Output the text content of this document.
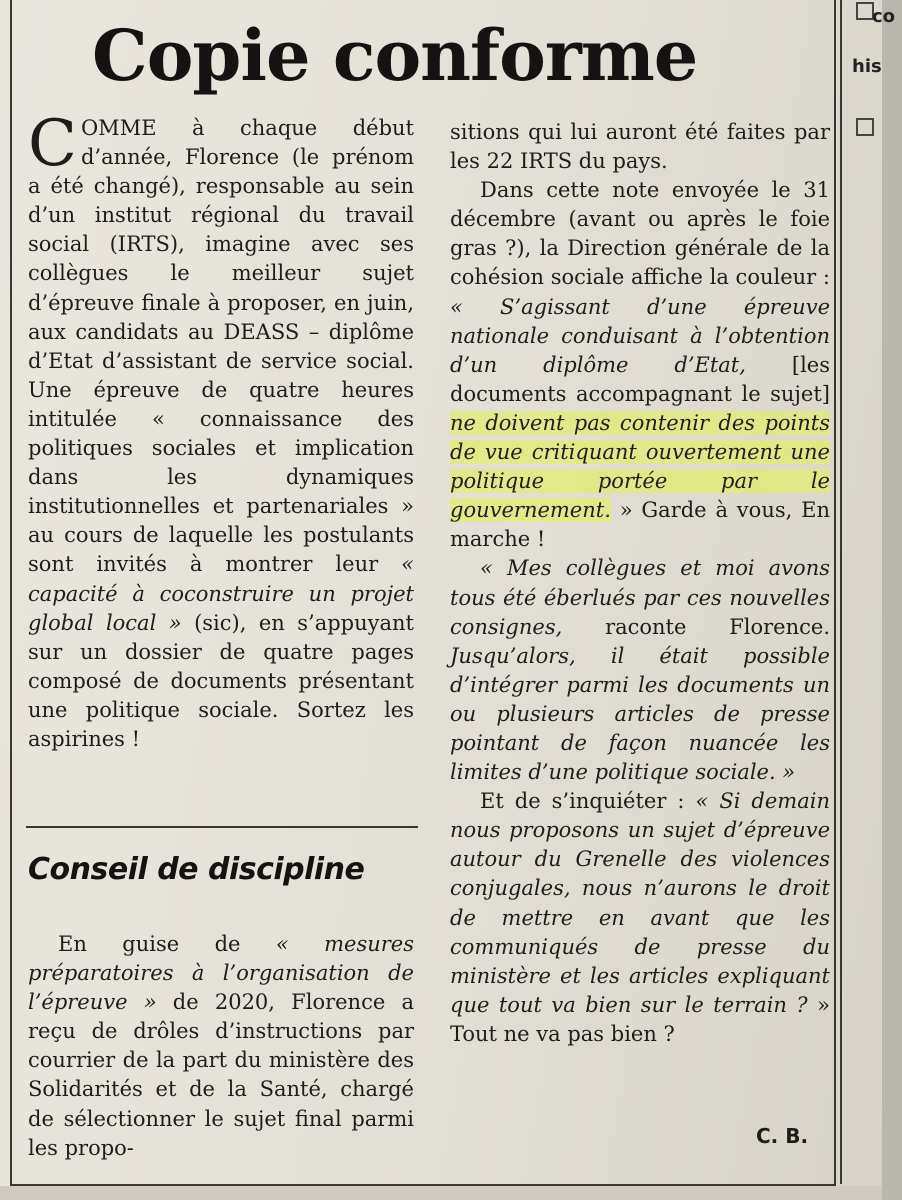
co
his
Copie conforme

COMME à chaque début d’année, Florence (le prénom a été changé), responsable au sein d’un institut régional du travail social (IRTS), imagine avec ses collègues le meilleur sujet d’épreuve finale à proposer, en juin, aux candidats au DEASS – diplôme d’Etat d’assistant de service social. Une épreuve de quatre heures intitulée « connaissance des politiques sociales et implication dans les dynamiques institutionnelles et partenariales » au cours de laquelle les postulants sont invités à montrer leur « capacité à coconstruire un projet global local » (sic), en s’appuyant sur un dossier de quatre pages composé de documents présentant une politique sociale. Sortez les aspirines !

Conseil de discipline

En guise de « mesures préparatoires à l’organisation de l’épreuve » de 2020, Florence a reçu de drôles d’instructions par courrier de la part du ministère des Solidarités et de la Santé, chargé de sélectionner le sujet final parmi les propo-

sitions qui lui auront été faites par les 22 IRTS du pays.

Dans cette note envoyée le 31 décembre (avant ou après le foie gras ?), la Direction générale de la cohésion sociale affiche la couleur : « S’agissant d’une épreuve nationale conduisant à l’obtention d’un diplôme d’Etat, [les documents accompagnant le sujet] ne doivent pas contenir des points de vue critiquant ouvertement une politique portée par le gouvernement. » Garde à vous, En marche !

« Mes collègues et moi avons tous été éberlués par ces nouvelles consignes, raconte Florence. Jusqu’alors, il était possible d’intégrer parmi les documents un ou plusieurs articles de presse pointant de façon nuancée les limites d’une politique sociale. »

Et de s’inquiéter : « Si demain nous proposons un sujet d’épreuve autour du Grenelle des violences conjugales, nous n’aurons le droit de mettre en avant que les communiqués de presse du ministère et les articles expliquant que tout va bien sur le terrain ? » Tout ne va pas bien ?

C. B.
